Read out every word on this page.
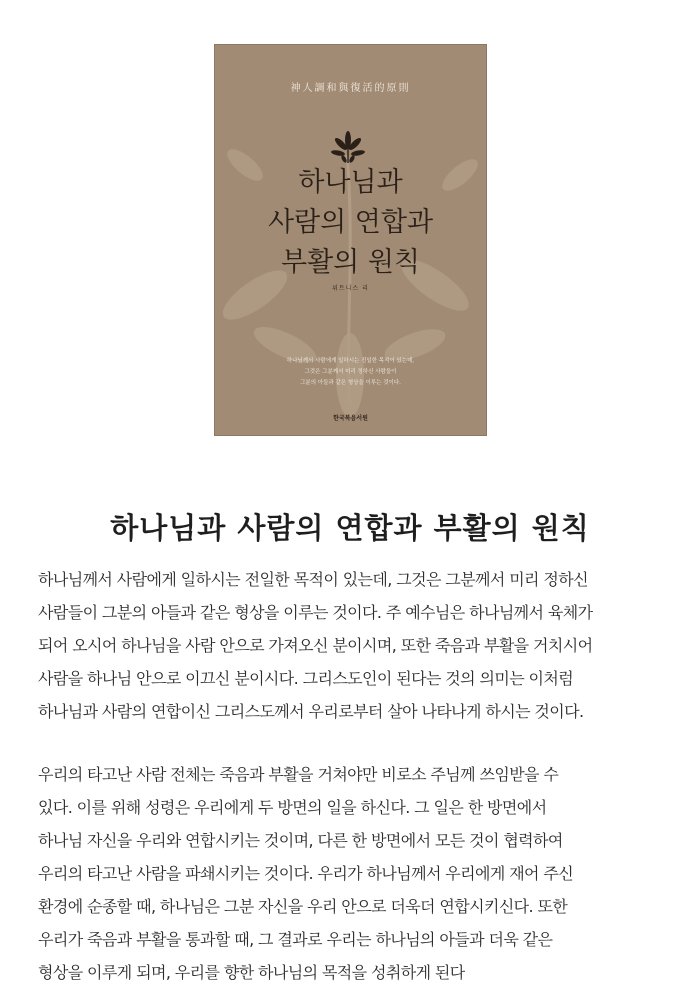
神人調和與復活的原則
하나님과
사람의 연합과
부활의 원칙
위트니스 리
하나님께서 사람에게 일하시는 진일한 목적이 있는데,
그것은 그분께서 미리 정하신 사람들이
그분의 아들과 같은 형상을 이루는 것이다.
한국복음서원
하나님과 사람의 연합과 부활의 원칙
하나님께서 사람에게 일하시는 전일한 목적이 있는데, 그것은 그분께서 미리 정하신
사람들이 그분의 아들과 같은 형상을 이루는 것이다. 주 예수님은 하나님께서 육체가
되어 오시어 하나님을 사람 안으로 가져오신 분이시며, 또한 죽음과 부활을 거치시어
사람을 하나님 안으로 이끄신 분이시다. 그리스도인이 된다는 것의 의미는 이처럼
하나님과 사람의 연합이신 그리스도께서 우리로부터 살아 나타나게 하시는 것이다.
우리의 타고난 사람 전체는 죽음과 부활을 거쳐야만 비로소 주님께 쓰임받을 수
있다. 이를 위해 성령은 우리에게 두 방면의 일을 하신다. 그 일은 한 방면에서
하나님 자신을 우리와 연합시키는 것이며, 다른 한 방면에서 모든 것이 협력하여
우리의 타고난 사람을 파쇄시키는 것이다. 우리가 하나님께서 우리에게 재어 주신
환경에 순종할 때, 하나님은 그분 자신을 우리 안으로 더욱더 연합시키신다. 또한
우리가 죽음과 부활을 통과할 때, 그 결과로 우리는 하나님의 아들과 더욱 같은
형상을 이루게 되며, 우리를 향한 하나님의 목적을 성취하게 된다
